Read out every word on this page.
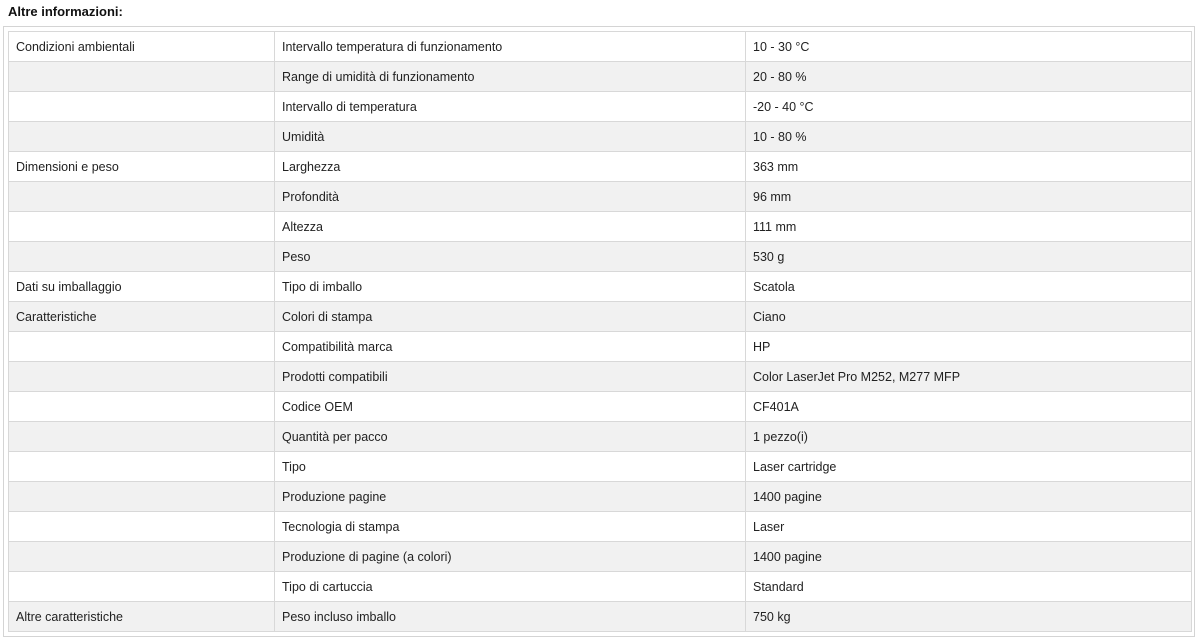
Altre informazioni:
Condizioni ambientali	Intervallo temperatura di funzionamento	10 - 30 °C
	Range di umidità di funzionamento	20 - 80 %
	Intervallo di temperatura	-20 - 40 °C
	Umidità	10 - 80 %
Dimensioni e peso	Larghezza	363 mm
	Profondità	96 mm
	Altezza	111 mm
	Peso	530 g
Dati su imballaggio	Tipo di imballo	Scatola
Caratteristiche	Colori di stampa	Ciano
	Compatibilità marca	HP
	Prodotti compatibili	Color LaserJet Pro M252, M277 MFP
	Codice OEM	CF401A
	Quantità per pacco	1 pezzo(i)
	Tipo	Laser cartridge
	Produzione pagine	1400 pagine
	Tecnologia di stampa	Laser
	Produzione di pagine (a colori)	1400 pagine
	Tipo di cartuccia	Standard
Altre caratteristiche	Peso incluso imballo	750 kg
